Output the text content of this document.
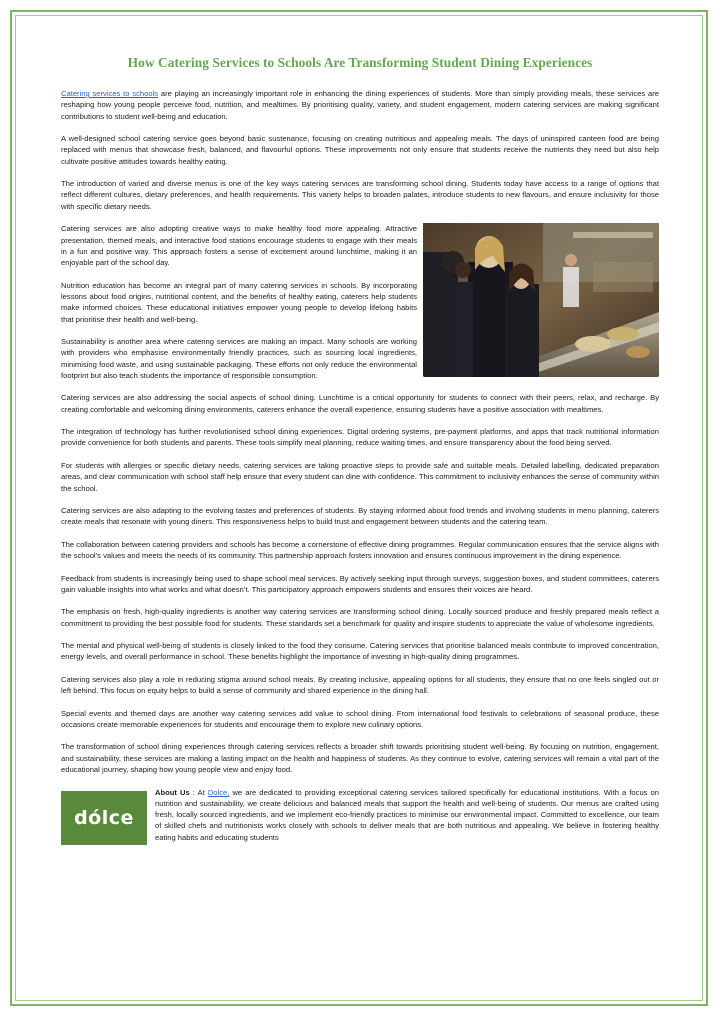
How Catering Services to Schools Are Transforming Student Dining Experiences

Catering services to schools are playing an increasingly important role in enhancing the dining experiences of students. More than simply providing meals, these services are reshaping how young people perceive food, nutrition, and mealtimes. By prioritising quality, variety, and student engagement, modern catering services are making significant contributions to student well-being and education.

A well-designed school catering service goes beyond basic sustenance, focusing on creating nutritious and appealing meals. The days of uninspired canteen food are being replaced with menus that showcase fresh, balanced, and flavourful options. These improvements not only ensure that students receive the nutrients they need but also help cultivate positive attitudes towards healthy eating.

The introduction of varied and diverse menus is one of the key ways catering services are transforming school dining. Students today have access to a range of options that reflect different cultures, dietary preferences, and health requirements. This variety helps to broaden palates, introduce students to new flavours, and ensure inclusivity for those with specific dietary needs.

Catering services are also adopting creative ways to make healthy food more appealing. Attractive presentation, themed meals, and interactive food stations encourage students to engage with their meals in a fun and positive way. This approach fosters a sense of excitement around lunchtime, making it an enjoyable part of the school day.

Nutrition education has become an integral part of many catering services in schools. By incorporating lessons about food origins, nutritional content, and the benefits of healthy eating, caterers help students make informed choices. These educational initiatives empower young people to develop lifelong habits that prioritise their health and well-being.

Sustainability is another area where catering services are making an impact. Many schools are working with providers who emphasise environmentally friendly practices, such as sourcing local ingredients, minimising food waste, and using sustainable packaging. These efforts not only reduce the environmental footprint but also teach students the importance of responsible consumption.

Catering services are also addressing the social aspects of school dining. Lunchtime is a critical opportunity for students to connect with their peers, relax, and recharge. By creating comfortable and welcoming dining environments, caterers enhance the overall experience, ensuring students have a positive association with mealtimes.

The integration of technology has further revolutionised school dining experiences. Digital ordering systems, pre-payment platforms, and apps that track nutritional information provide convenience for both students and parents. These tools simplify meal planning, reduce waiting times, and ensure transparency about the food being served.

For students with allergies or specific dietary needs, catering services are taking proactive steps to provide safe and suitable meals. Detailed labelling, dedicated preparation areas, and clear communication with school staff help ensure that every student can dine with confidence. This commitment to inclusivity enhances the sense of community within the school.

Catering services are also adapting to the evolving tastes and preferences of students. By staying informed about food trends and involving students in menu planning, caterers create meals that resonate with young diners. This responsiveness helps to build trust and engagement between students and the catering team.

The collaboration between catering providers and schools has become a cornerstone of effective dining programmes. Regular communication ensures that the service aligns with the school’s values and meets the needs of its community. This partnership approach fosters innovation and ensures continuous improvement in the dining experience.

Feedback from students is increasingly being used to shape school meal services. By actively seeking input through surveys, suggestion boxes, and student committees, caterers gain valuable insights into what works and what doesn’t. This participatory approach empowers students and ensures their voices are heard.

The emphasis on fresh, high-quality ingredients is another way catering services are transforming school dining. Locally sourced produce and freshly prepared meals reflect a commitment to providing the best possible food for students. These standards set a benchmark for quality and inspire students to appreciate the value of wholesome ingredients.

The mental and physical well-being of students is closely linked to the food they consume. Catering services that prioritise balanced meals contribute to improved concentration, energy levels, and overall performance in school. These benefits highlight the importance of investing in high-quality dining programmes.

Catering services also play a role in reducing stigma around school meals. By creating inclusive, appealing options for all students, they ensure that no one feels singled out or left behind. This focus on equity helps to build a sense of community and shared experience in the dining hall.

Special events and themed days are another way catering services add value to school dining. From international food festivals to celebrations of seasonal produce, these occasions create memorable experiences for students and encourage them to explore new culinary options.

The transformation of school dining experiences through catering services reflects a broader shift towards prioritising student well-being. By focusing on nutrition, engagement, and sustainability, these services are making a lasting impact on the health and happiness of students. As they continue to evolve, catering services will remain a vital part of the educational journey, shaping how young people view and enjoy food.

dólce

About Us : At Dolce, we are dedicated to providing exceptional catering services tailored specifically for educational institutions. With a focus on nutrition and sustainability, we create delicious and balanced meals that support the health and well-being of students. Our menus are crafted using fresh, locally sourced ingredients, and we implement eco-friendly practices to minimise our environmental impact. Committed to excellence, our team of skilled chefs and nutritionists works closely with schools to deliver meals that are both nutritious and appealing. We believe in fostering healthy eating habits and educating students
